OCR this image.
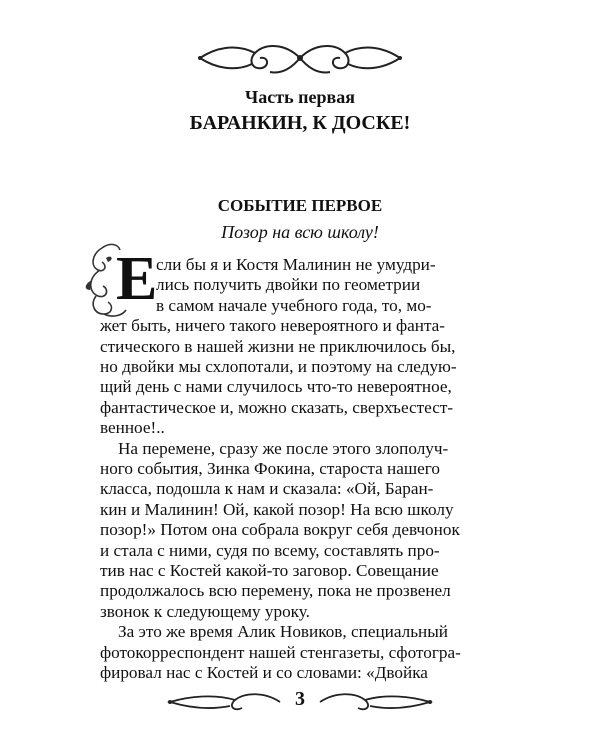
Часть первая
БАРАНКИН, К ДОСКЕ!
СОБЫТИЕ ПЕРВОЕ
Позор на всю школу!
Е
сли бы я и Костя Малинин не умудри-
лись получить двойки по геометрии
в самом начале учебного года, то, мо-
жет быть, ничего такого невероятного и фанта-
стического в нашей жизни не приключилось бы,
но двойки мы схлопотали, и поэтому на следую-
щий день с нами случилось что-то невероятное,
фантастическое и, можно сказать, сверхъестест-
венное!..
На перемене, сразу же после этого злополуч-
ного события, Зинка Фокина, староста нашего
класса, подошла к нам и сказала: «Ой, Баран-
кин и Малинин! Ой, какой позор! На всю школу
позор!» Потом она собрала вокруг себя девчонок
и стала с ними, судя по всему, составлять про-
тив нас с Костей какой-то заговор. Совещание
продолжалось всю перемену, пока не прозвенел
звонок к следующему уроку.
За это же время Алик Новиков, специальный
3
фотокорреспондент нашей стенгазеты, сфотогра-
фировал нас с Костей и со словами: «Двойка
